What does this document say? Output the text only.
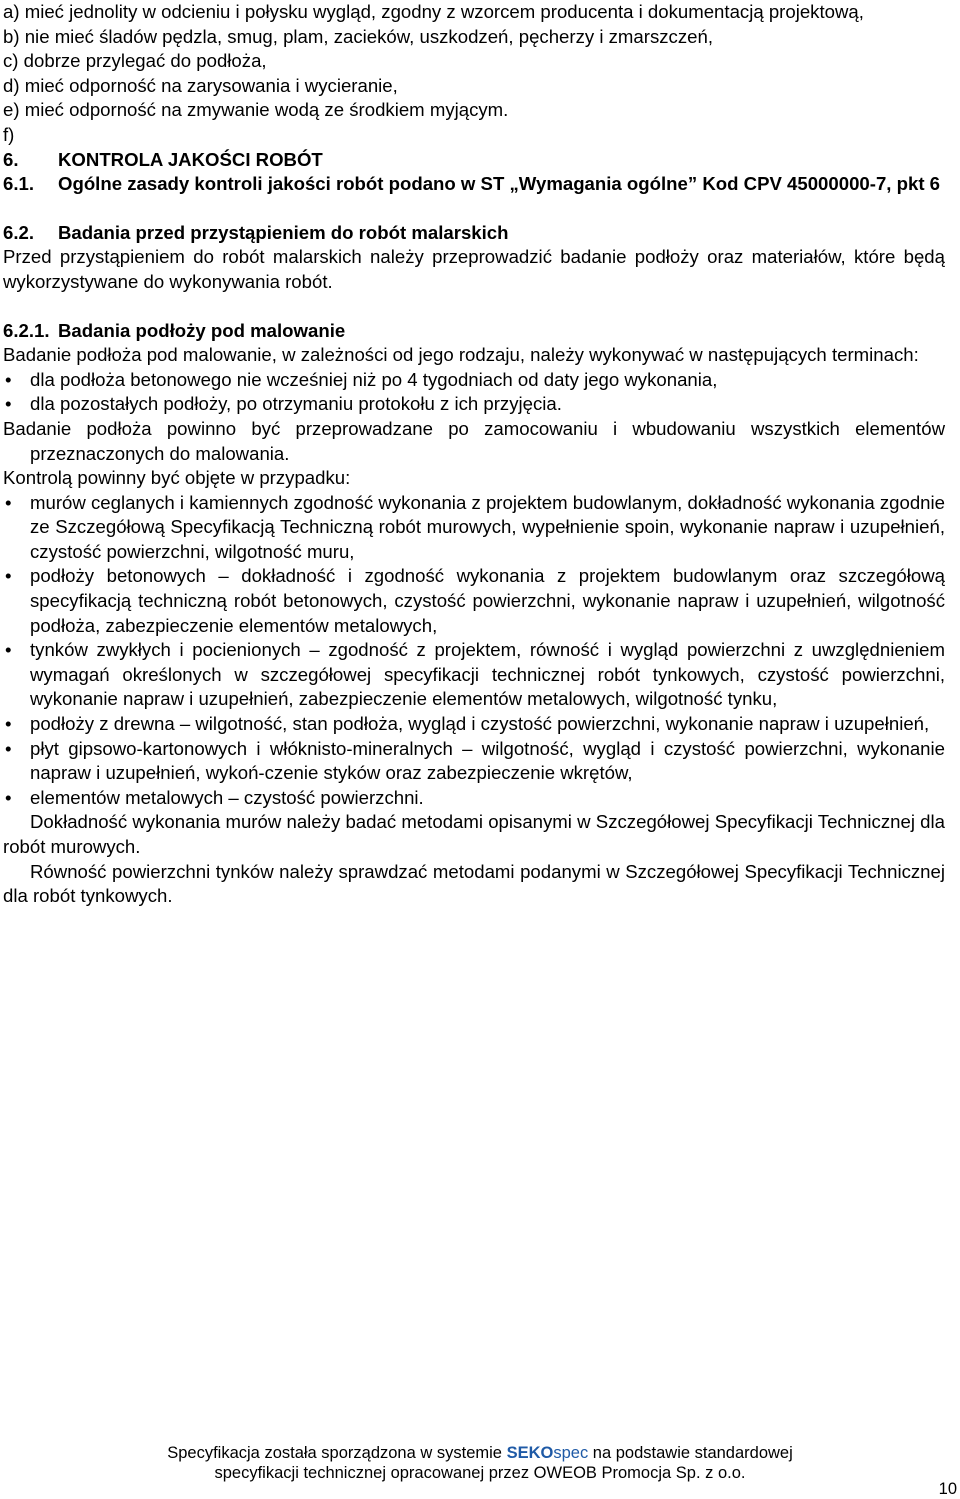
a)
mieć jednolity w odcieniu i połysku wygląd, zgodny z wzorcem producenta i dokumentacją projektową,
b)
nie mieć śladów pędzla, smug, plam, zacieków, uszkodzeń, pęcherzy i zmarszczeń,
c)
dobrze przylegać do podłoża,
d)
mieć odporność na zarysowania i wycieranie,
e)
mieć odporność na zmywanie wodą ze środkiem myjącym.
f)

6.	KONTROLA JAKOŚCI ROBÓT
6.1.	Ogólne zasady kontroli jakości robót podano w ST „Wymagania ogólne” Kod CPV 45000000-7, pkt 6
6.2.	Badania przed przystąpieniem do robót malarskich
Przed przystąpieniem do robót malarskich należy przeprowadzić badanie podłoży oraz materiałów, które będą wykorzystywane do wykonywania robót.
6.2.1. Badania podłoży pod malowanie
Badanie podłoża pod malowanie, w zależności od jego rodzaju, należy wykonywać w następujących terminach:
• dla podłoża betonowego nie wcześniej niż po 4 tygodniach od daty jego wykonania,
• dla pozostałych podłoży, po otrzymaniu protokołu z ich przyjęcia.
Badanie podłoża powinno być przeprowadzane po zamocowaniu i wbudowaniu wszystkich elementów przeznaczonych do malowania.
Kontrolą powinny być objęte w przypadku:
• murów ceglanych i kamiennych zgodność wykonania z projektem budowlanym, dokładność wykonania zgodnie ze Szczegółową Specyfikacją Techniczną robót murowych, wypełnienie spoin, wykonanie napraw i uzupełnień, czystość powierzchni, wilgotność muru,
• podłoży betonowych – dokładność i zgodność wykonania z projektem budowlanym oraz szczegółową specyfikacją techniczną robót betonowych, czystość powierzchni, wykonanie napraw i uzupełnień, wilgotność podłoża, zabezpieczenie elementów metalowych,
• tynków zwykłych i pocienionych – zgodność z projektem, równość i wygląd powierzchni z uwzględnieniem wymagań określonych w szczegółowej specyfikacji technicznej robót tynkowych, czystość powierzchni, wykonanie napraw i uzupełnień, zabezpieczenie elementów metalowych, wilgotność tynku,
• podłoży z drewna – wilgotność, stan podłoża, wygląd i czystość powierzchni, wykonanie napraw i uzupełnień,
• płyt gipsowo-kartonowych i włóknisto-mineralnych – wilgotność, wygląd i czystość powierzchni, wykonanie napraw i uzupełnień, wykoń-czenie styków oraz zabezpieczenie wkrętów,
• elementów metalowych – czystość powierzchni.
Dokładność wykonania murów należy badać metodami opisanymi w Szczegółowej Specyfikacji Technicznej dla robót murowych.
Równość powierzchni tynków należy sprawdzać metodami podanymi w Szczegółowej Specyfikacji Technicznej dla robót tynkowych.
Specyfikacja została sporządzona w systemie SEKOspec na podstawie standardowej
specyfikacji technicznej opracowanej przez OWEOB Promocja Sp. z o.o.
10
